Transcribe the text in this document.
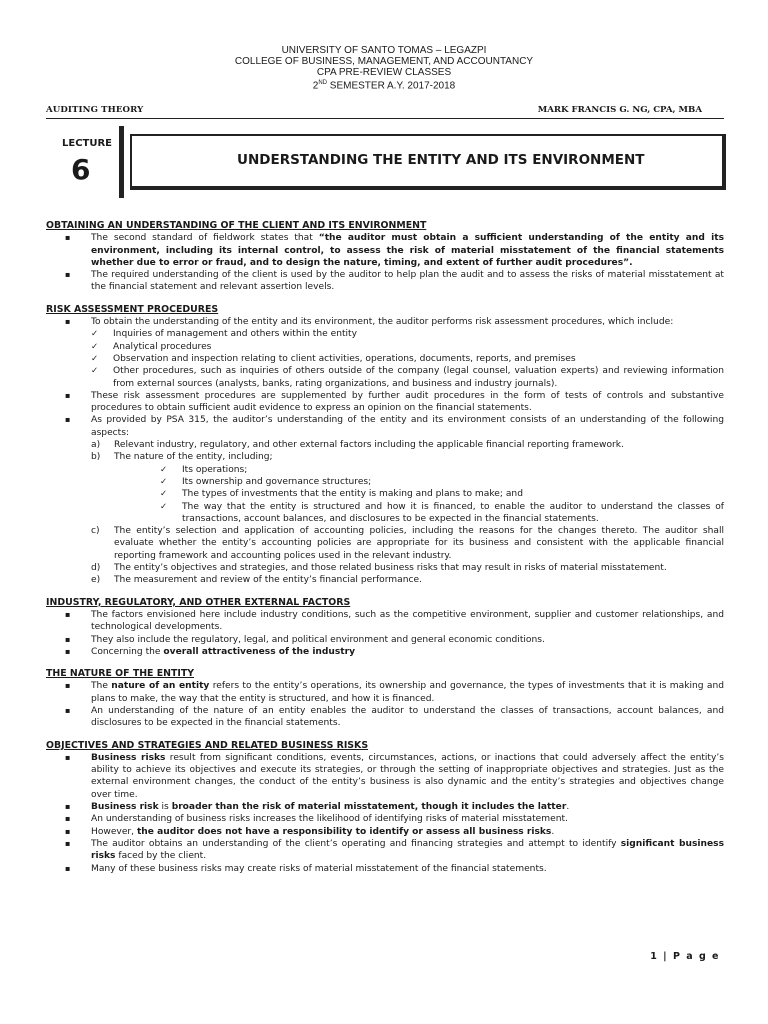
UNIVERSITY OF SANTO TOMAS – LEGAZPI
COLLEGE OF BUSINESS, MANAGEMENT, AND ACCOUNTANCY
CPA PRE-REVIEW CLASSES
2ND SEMESTER A.Y. 2017-2018
AUDITING THEORY	MARK FRANCIS G. NG, CPA, MBA
LECTURE
6	UNDERSTANDING THE ENTITY AND ITS ENVIRONMENT
OBTAINING AN UNDERSTANDING OF THE CLIENT AND ITS ENVIRONMENT
▪ The second standard of fieldwork states that “the auditor must obtain a sufficient understanding of the entity and its environment, including its internal control, to assess the risk of material misstatement of the financial statements whether due to error or fraud, and to design the nature, timing, and extent of further audit procedures”.
▪ The required understanding of the client is used by the auditor to help plan the audit and to assess the risks of material misstatement at the financial statement and relevant assertion levels.
RISK ASSESSMENT PROCEDURES
▪ To obtain the understanding of the entity and its environment, the auditor performs risk assessment procedures, which include:
✓ Inquiries of management and others within the entity
✓ Analytical procedures
✓ Observation and inspection relating to client activities, operations, documents, reports, and premises
✓ Other procedures, such as inquiries of others outside of the company (legal counsel, valuation experts) and reviewing information from external sources (analysts, banks, rating organizations, and business and industry journals).
▪ These risk assessment procedures are supplemented by further audit procedures in the form of tests of controls and substantive procedures to obtain sufficient audit evidence to express an opinion on the financial statements.
▪ As provided by PSA 315, the auditor’s understanding of the entity and its environment consists of an understanding of the following aspects:
a) Relevant industry, regulatory, and other external factors including the applicable financial reporting framework.
b) The nature of the entity, including;
✓ Its operations;
✓ Its ownership and governance structures;
✓ The types of investments that the entity is making and plans to make; and
✓ The way that the entity is structured and how it is financed, to enable the auditor to understand the classes of transactions, account balances, and disclosures to be expected in the financial statements.
c) The entity’s selection and application of accounting policies, including the reasons for the changes thereto. The auditor shall evaluate whether the entity’s accounting policies are appropriate for its business and consistent with the applicable financial reporting framework and accounting polices used in the relevant industry.
d) The entity’s objectives and strategies, and those related business risks that may result in risks of material misstatement.
e) The measurement and review of the entity’s financial performance.
INDUSTRY, REGULATORY, AND OTHER EXTERNAL FACTORS
▪ The factors envisioned here include industry conditions, such as the competitive environment, supplier and customer relationships, and technological developments.
▪ They also include the regulatory, legal, and political environment and general economic conditions.
▪ Concerning the overall attractiveness of the industry
THE NATURE OF THE ENTITY
▪ The nature of an entity refers to the entity’s operations, its ownership and governance, the types of investments that it is making and plans to make, the way that the entity is structured, and how it is financed.
▪ An understanding of the nature of an entity enables the auditor to understand the classes of transactions, account balances, and disclosures to be expected in the financial statements.
OBJECTIVES AND STRATEGIES AND RELATED BUSINESS RISKS
▪ Business risks result from significant conditions, events, circumstances, actions, or inactions that could adversely affect the entity’s ability to achieve its objectives and execute its strategies, or through the setting of inappropriate objectives and strategies. Just as the external environment changes, the conduct of the entity’s business is also dynamic and the entity’s strategies and objectives change over time.
▪ Business risk is broader than the risk of material misstatement, though it includes the latter.
▪ An understanding of business risks increases the likelihood of identifying risks of material misstatement.
▪ However, the auditor does not have a responsibility to identify or assess all business risks.
▪ The auditor obtains an understanding of the client’s operating and financing strategies and attempt to identify significant business risks faced by the client.
▪ Many of these business risks may create risks of material misstatement of the financial statements.
1 | P a g e
